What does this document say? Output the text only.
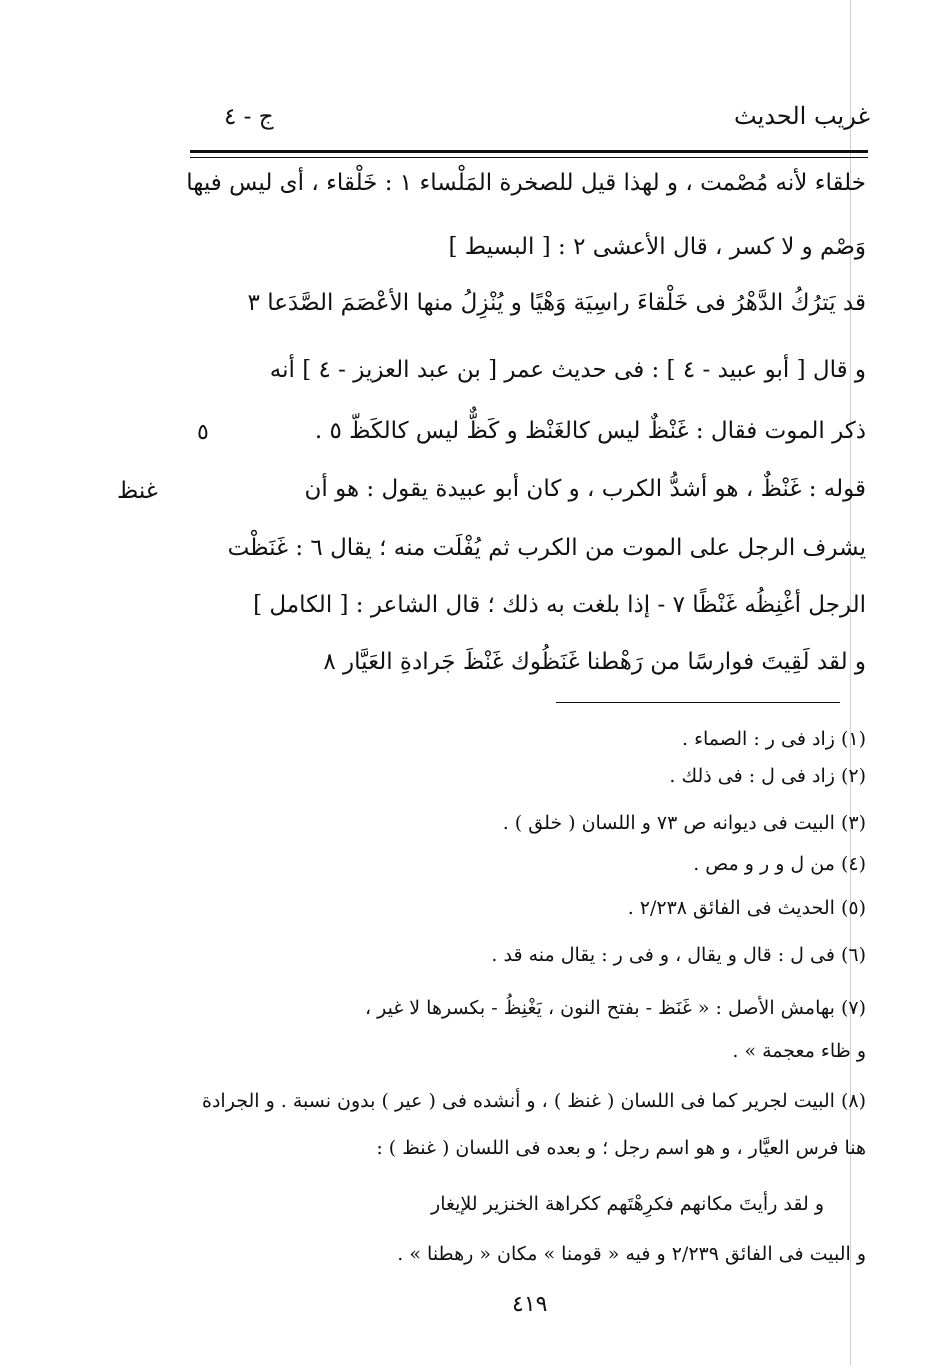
غريب الحديث
ج - ٤
خلقاء لأنه مُصْمت ، و لهذا قيل للصخرة المَلْساء ١ : خَلْقاء ، أى ليس فيها
وَصْم و لا كسر ، قال الأعشى ٢ : [ البسيط ]
قد يَترُكُ الدَّهْرُ فى خَلْقاءَ راسِيَة وَهْيًا و يُنْزِلُ منها الأعْصَمَ الصَّدَعا ٣
و قال [ أبو عبيد - ٤ ] : فى حديث عمر [ بن عبد العزيز - ٤ ] أنه
ذكر الموت فقال : غَنْظٌ ليس كالغَنْظ و كَظٌّ ليس كالكَظّ ٥ .
قوله : غَنْظٌ ، هو أشدُّ الكرب ، و كان أبو عبيدة يقول : هو أن
يشرف الرجل على الموت من الكرب ثم يُفْلَت منه ؛ يقال ٦ : غَنَظْت
الرجل أغْنِظُه غَنْظًا ٧ - إذا بلغت به ذلك ؛ قال الشاعر : [ الكامل ]
و لقد لَقِيتَ فوارسًا من رَهْطنا غَنَظُوك غَنْظَ جَرادةِ العَيَّار ٨
٥
غنظ
(١) زاد فى ر : الصماء .
(٢) زاد فى ل : فى ذلك .
(٣) البيت فى ديوانه ص ٧٣ و اللسان ( خلق ) .
(٤) من ل و ر و مص .
(٥) الحديث فى الفائق ٢/٢٣٨ .
(٦) فى ل : قال و يقال ، و فى ر : يقال منه قد .
(٧) بهامش الأصل : « غَنَظ - بفتح النون ، يَغْنِظُ - بكسرها لا غير ،
و ظاء معجمة » .
(٨) البيت لجرير كما فى اللسان ( غنظ ) ، و أنشده فى ( عير ) بدون نسبة . و الجرادة
هنا فرس العيَّار ، و هو اسم رجل ؛ و بعده فى اللسان ( غنظ ) :
و لقد رأيتَ مكانهم فكرِهْتَهم ككراهة الخنزير للإيغار
و البيت فى الفائق ٢/٢٣٩ و فيه « قومنا » مكان « رهطنا » .
٤١٩
